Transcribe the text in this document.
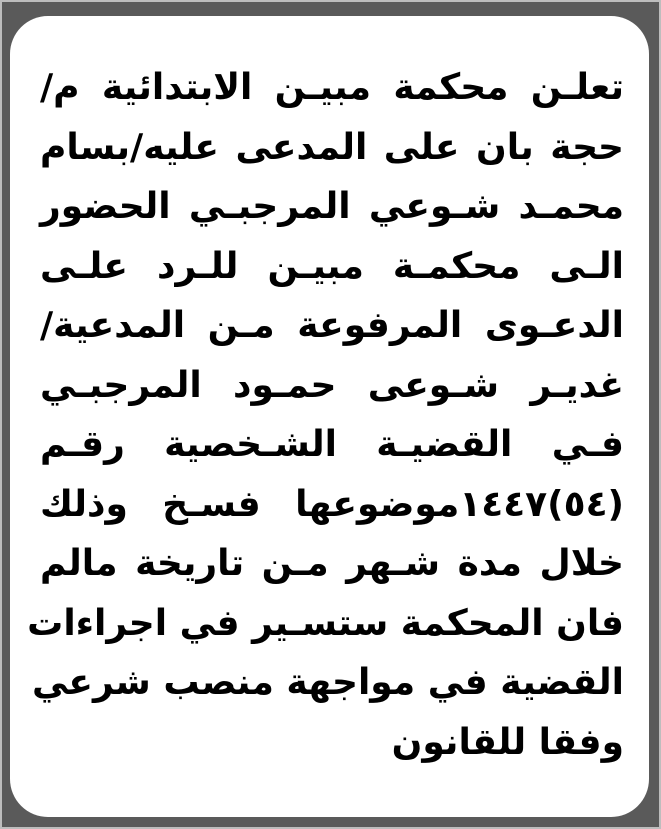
تعلـن محكمة مبيـن الابتدائية م/
حجة بان على المدعى عليه/بسام
محمـد شـوعي المرجبـي الحضور
الـى محكمـة مبيـن للـرد علـى
الدعـوى المرفوعة مـن المدعية/
غديـر شـوعى حمـود المرجبـي
فـي القضيـة الشـخصية رقـم
(٥٤)١٤٤٧موضوعها فسـخ وذلك
خلال مدة شـهر مـن تاريخة مالم
فان المحكمة ستسـير في اجراءات
القضية في مواجهة منصب شرعي
وفقا للقانون
